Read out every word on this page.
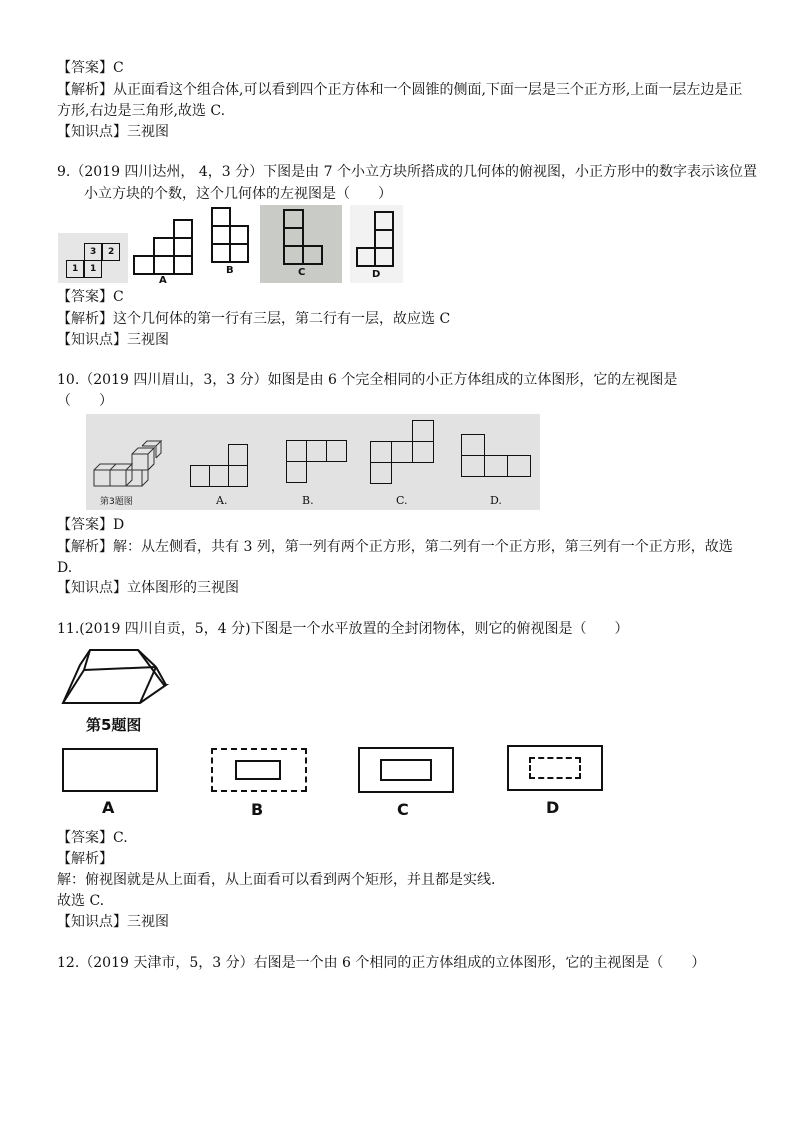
【答案】C
【解析】从正面看这个组合体,可以看到四个正方体和一个圆锥的侧面,下面一层是三个正方形,上面一层左边是正
方形,右边是三角形,故选 C.
【知识点】三视图
9.（2019 四川达州， 4，3 分）下图是由 7 个小立方块所搭成的几何体的俯视图，小正方形中的数字表示该位置
小立方块的个数，这个几何体的左视图是（　　）
3 2
1 1
A
B	C	D
【答案】C
【解析】这个几何体的第一行有三层，第二行有一层，故应选 C
【知识点】三视图
10.（2019 四川眉山，3，3 分）如图是由 6 个完全相同的小正方体组成的立体图形，它的左视图是
（　　）
第3题图	A.	B.	C.	D.
【答案】D
【解析】解：从左侧看，共有 3 列，第一列有两个正方形，第二列有一个正方形，第三列有一个正方形，故选
D.
【知识点】立体图形的三视图
11.(2019 四川自贡，5，4 分)下图是一个水平放置的全封闭物体，则它的俯视图是（　　）
第5题图
A	B	C	D
【答案】C.
【解析】
解：俯视图就是从上面看，从上面看可以看到两个矩形，并且都是实线.
故选 C.
【知识点】三视图
12.（2019 天津市，5，3 分）右图是一个由 6 个相同的正方体组成的立体图形，它的主视图是（　　）
